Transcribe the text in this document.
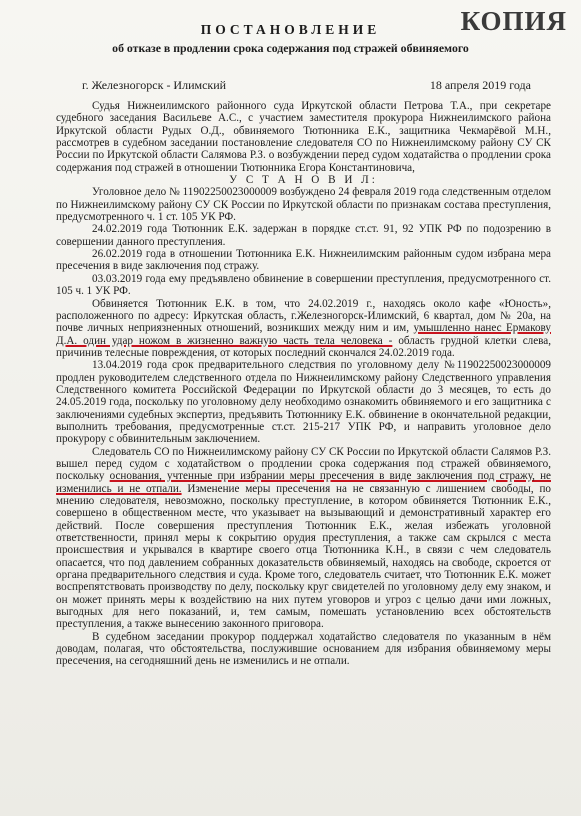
КОПИЯ
ПОСТАНОВЛЕНИЕ
об отказе в продлении срока содержания под стражей обвиняемого
г. Железногорск - Илимский	18 апреля 2019 года

Судья Нижнеилимского районного суда Иркутской области Петрова Т.А., при секретаре судебного заседания Васильеве А.С., с участием заместителя прокурора Нижнеилимского района Иркутской области Рудых О.Д., обвиняемого Тютюнника Е.К., защитника Чекмарёвой М.Н., рассмотрев в судебном заседании постановление следователя СО по Нижнеилимскому району СУ СК России по Иркутской области Салямова Р.З. о возбуждении перед судом ходатайства о продлении срока содержания под стражей в отношении Тютюнника Егора Константиновича,

У С Т А Н О В И Л:

Уголовное дело № 11902250023000009 возбуждено 24 февраля 2019 года следственным отделом по Нижнеилимскому району СУ СК России по Иркутской области по признакам состава преступления, предусмотренного ч. 1 ст. 105 УК РФ.

24.02.2019 года Тютюнник Е.К. задержан в порядке ст.ст. 91, 92 УПК РФ по подозрению в совершении данного преступления.

26.02.2019 года в отношении Тютюнника Е.К. Нижнеилимским районным судом избрана мера пресечения в виде заключения под стражу.

03.03.2019 года ему предъявлено обвинение в совершении преступления, предусмотренного ст. 105 ч. 1 УК РФ.

Обвиняется Тютюнник Е.К. в том, что 24.02.2019 г., находясь около кафе «Юность», расположенного по адресу: Иркутская область, г.Железногорск-Илимский, 6 квартал, дом № 20а, на почве личных неприязненных отношений, возникших между ним и им, умышленно нанес Ермакову Д.А. один удар ножом в жизненно важную часть тела человека - область грудной клетки слева, причинив телесные повреждения, от которых последний скончался 24.02.2019 года.

13.04.2019 года срок предварительного следствия по уголовному делу №11902250023000009 продлен руководителем следственного отдела по Нижнеилимскому району Следственного управления Следственного комитета Российской Федерации по Иркутской области до 3 месяцев, то есть до 24.05.2019 года, поскольку по уголовному делу необходимо ознакомить обвиняемого и его защитника с заключениями судебных экспертиз, предъявить Тютюннику Е.К. обвинение в окончательной редакции, выполнить требования, предусмотренные ст.ст. 215-217 УПК РФ, и направить уголовное дело прокурору с обвинительным заключением.

Следователь СО по Нижнеилимскому району СУ СК России по Иркутской области Салямов Р.З. вышел перед судом с ходатайством о продлении срока содержания под стражей обвиняемого, поскольку основания, учтенные при избрании меры пресечения в виде заключения под стражу, не изменились и не отпали. Изменение меры пресечения на не связанную с лишением свободы, по мнению следователя, невозможно, поскольку преступление, в котором обвиняется Тютюнник Е.К., совершено в общественном месте, что указывает на вызывающий и демонстративный характер его действий. После совершения преступления Тютюнник Е.К., желая избежать уголовной ответственности, принял меры к сокрытию орудия преступления, а также сам скрылся с места происшествия и укрывался в квартире своего отца Тютюнника К.Н., в связи с чем следователь опасается, что под давлением собранных доказательств обвиняемый, находясь на свободе, скроется от органа предварительного следствия и суда. Кроме того, следователь считает, что Тютюнник Е.К. может воспрепятствовать производству по делу, поскольку круг свидетелей по уголовному делу ему знаком, и он может принять меры к воздействию на них путем уговоров и угроз с целью дачи ими ложных, выгодных для него показаний, и, тем самым, помешать установлению всех обстоятельств преступления, а также вынесению законного приговора.

В судебном заседании прокурор поддержал ходатайство следователя по указанным в нём доводам, полагая, что обстоятельства, послужившие основанием для избрания обвиняемому меры пресечения, на сегодняшний день не изменились и не отпали.
